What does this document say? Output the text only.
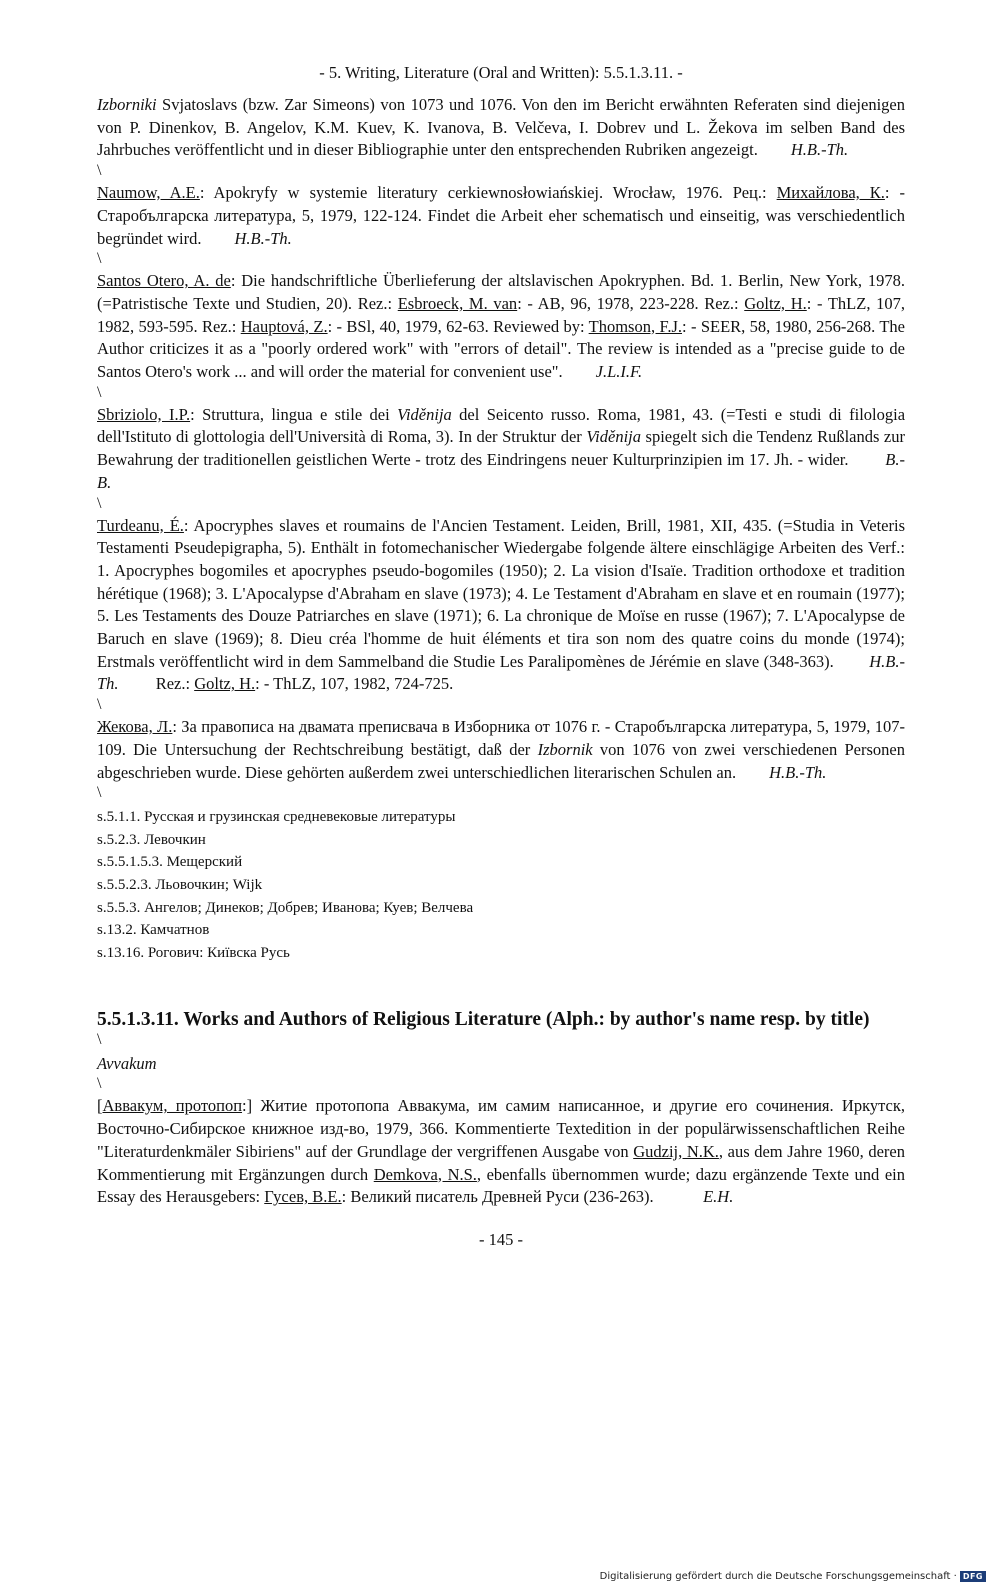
- 5. Writing, Literature (Oral and Written): 5.5.1.3.11. -

Izborniki Svjatoslavs (bzw. Zar Simeons) von 1073 und 1076. Von den im Bericht erwähnten Referaten sind diejenigen von P. Dinenkov, B. Angelov, K.M. Kuev, K. Ivanova, B. Velčeva, I. Dobrev und L. Žekova im selben Band des Jahrbuches veröffentlicht und in dieser Bibliographie unter den entsprechenden Rubriken angezeigt. H.B.-Th.

\

Naumow, A.E.: Apokryfy w systemie literatury cerkiewnosłowiańskiej. Wrocław, 1976. Рец.: Михайлова, К.: - Старобългарска литература, 5, 1979, 122-124. Findet die Arbeit eher schematisch und einseitig, was verschiedentlich begründet wird. H.B.-Th.

\

Santos Otero, A. de: Die handschriftliche Überlieferung der altslavischen Apokryphen. Bd. 1. Berlin, New York, 1978. (=Patristische Texte und Studien, 20). Rez.: Esbroeck, M. van: - AB, 96, 1978, 223-228. Rez.: Goltz, H.: - ThLZ, 107, 1982, 593-595. Rez.: Hauptová, Z.: - BSl, 40, 1979, 62-63. Reviewed by: Thomson, F.J.: - SEER, 58, 1980, 256-268. The Author criticizes it as a "poorly ordered work" with "errors of detail". The review is intended as a "precise guide to de Santos Otero's work ... and will order the material for convenient use". J.L.I.F.

\

Sbriziolo, I.P.: Struttura, lingua e stile dei Viděnija del Seicento russo. Roma, 1981, 43. (=Testi e studi di filologia dell'Istituto di glottologia dell'Università di Roma, 3). In der Struktur der Viděnija spiegelt sich die Tendenz Rußlands zur Bewahrung der traditionellen geistlichen Werte - trotz des Eindringens neuer Kulturprinzipien im 17. Jh. - wider. B.-B.

\

Turdeanu, É.: Apocryphes slaves et roumains de l'Ancien Testament. Leiden, Brill, 1981, XII, 435. (=Studia in Veteris Testamenti Pseudepigrapha, 5). Enthält in fotomechanischer Wiedergabe folgende ältere einschlägige Arbeiten des Verf.: 1. Apocryphes bogomiles et apocryphes pseudo-bogomiles (1950); 2. La vision d'Isaïe. Tradition orthodoxe et tradition hérétique (1968); 3. L'Apocalypse d'Abraham en slave (1973); 4. Le Testament d'Abraham en slave et en roumain (1977); 5. Les Testaments des Douze Patriarches en slave (1971); 6. La chronique de Moïse en russe (1967); 7. L'Apocalypse de Baruch en slave (1969); 8. Dieu créa l'homme de huit éléments et tira son nom des quatre coins du monde (1974); Erstmals veröffentlicht wird in dem Sammelband die Studie Les Paralipomènes de Jérémie en slave (348-363). H.B.-Th.         Rez.: Goltz, H.: - ThLZ, 107, 1982, 724-725.

\

Жекова, Л.: За правописа на двамата преписвача в Изборника от 1076 г. - Старобългарска литература, 5, 1979, 107-109. Die Untersuchung der Rechtschreibung bestätigt, daß der Izbornik von 1076 von zwei verschiedenen Personen abgeschrieben wurde. Diese gehörten außerdem zwei unterschiedlichen literarischen Schulen an. H.B.-Th.

\
s.5.1.1. Русская и грузинская средневековые литературы
s.5.2.3. Левочкин
s.5.5.1.5.3. Мещерский
s.5.5.2.3. Льовочкин; Wijk
s.5.5.3. Ангелов; Динеков; Добрев; Иванова; Куев; Велчева
s.13.2. Камчатнов
s.13.16. Рогович: Київска Русь
5.5.1.3.11. Works and Authors of Religious Literature (Alph.: by author's name resp. by title)
\
Avvakum
\

[Аввакум, протопоп:] Житие протопопа Аввакума, им самим написанное, и другие его сочинения. Иркутск, Восточно-Сибирское книжное изд-во, 1979, 366. Kommentierte Textedition in der populärwissenschaftlichen Reihe "Literaturdenkmäler Sibiriens" auf der Grundlage der vergriffenen Ausgabe von Gudzij, N.K., aus dem Jahre 1960, deren Kommentierung mit Ergänzungen durch Demkova, N.S., ebenfalls übernommen wurde; dazu ergänzende Texte und ein Essay des Herausgebers: Гусев, В.Е.: Великий писатель Древней Руси (236-263).	E.H.

- 145 -
Digitalisierung gefördert durch die Deutsche Forschungsgemeinschaft · DFG
